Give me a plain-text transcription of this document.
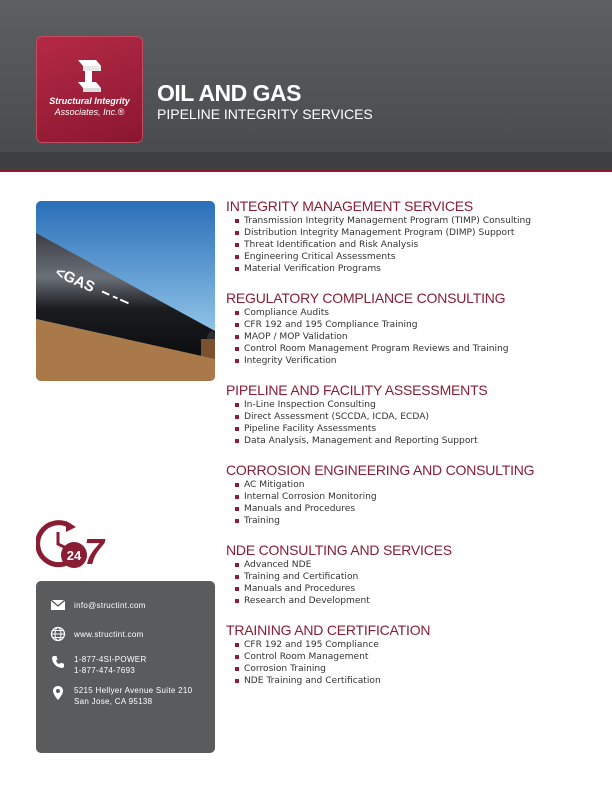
Structural Integrity
Associates, Inc.®
OIL AND GAS
PIPELINE INTEGRITY SERVICES
<GAS
24 7
info@structint.com
www.structint.com
1-877-4SI-POWER
1-877-474-7693
5215 Hellyer Avenue Suite 210
San Jose, CA 95138
INTEGRITY MANAGEMENT SERVICES
Transmission Integrity Management Program (TIMP) Consulting
Distribution Integrity Management Program (DIMP) Support
Threat Identification and Risk Analysis
Engineering Critical Assessments
Material Verification Programs
REGULATORY COMPLIANCE CONSULTING
Compliance Audits
CFR 192 and 195 Compliance Training
MAOP / MOP Validation
Control Room Management Program Reviews and Training
Integrity Verification
PIPELINE AND FACILITY ASSESSMENTS
In-Line Inspection Consulting
Direct Assessment (SCCDA, ICDA, ECDA)
Pipeline Facility Assessments
Data Analysis, Management and Reporting Support
CORROSION ENGINEERING AND CONSULTING
AC Mitigation
Internal Corrosion Monitoring
Manuals and Procedures
Training
NDE CONSULTING AND SERVICES
Advanced NDE
Training and Certification
Manuals and Procedures
Research and Development
TRAINING AND CERTIFICATION
CFR 192 and 195 Compliance
Control Room Management
Corrosion Training
NDE Training and Certification
